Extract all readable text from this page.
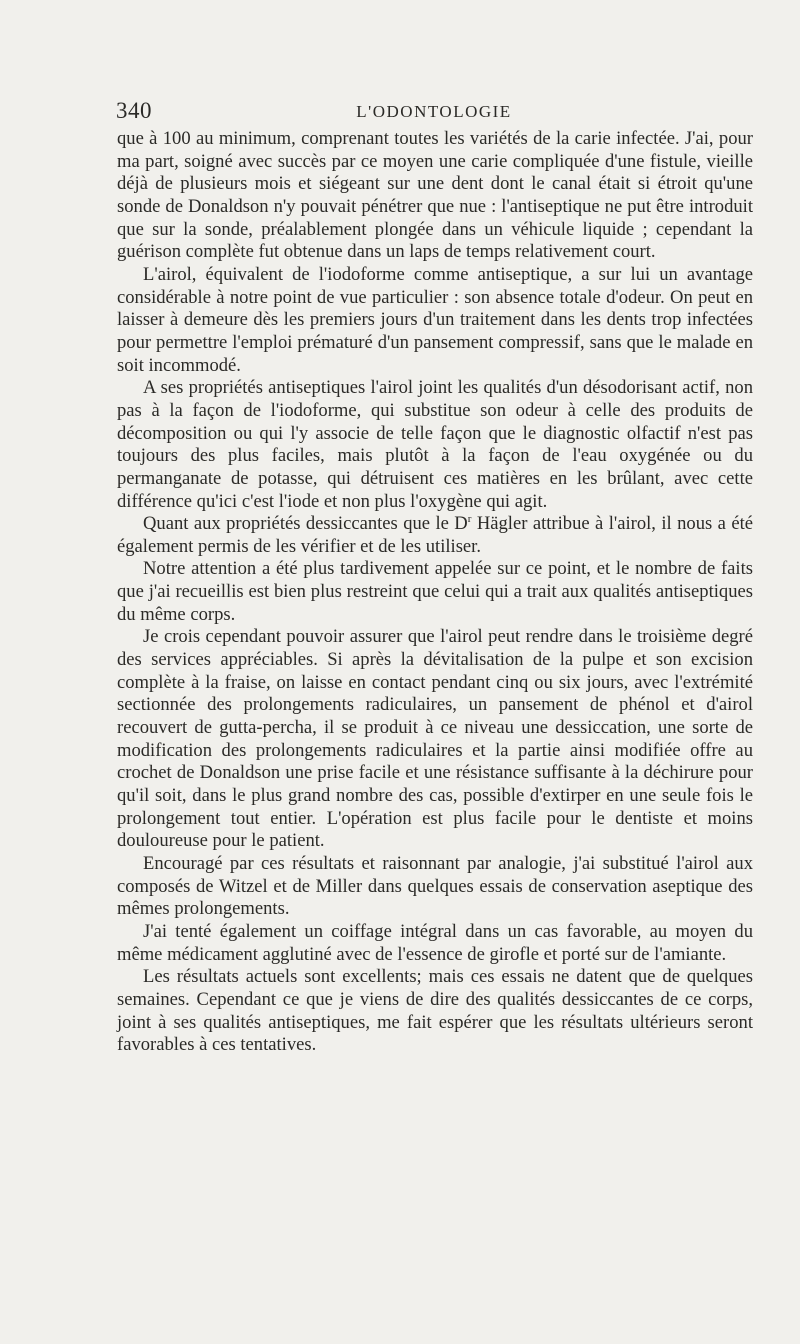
340	L'ODONTOLOGIE

que à 100 au minimum, comprenant toutes les variétés de la carie infectée. J'ai, pour ma part, soigné avec succès par ce moyen une carie compliquée d'une fistule, vieille déjà de plusieurs mois et siégeant sur une dent dont le canal était si étroit qu'une sonde de Donaldson n'y pouvait pénétrer que nue : l'antiseptique ne put être introduit que sur la sonde, préalablement plongée dans un véhicule liquide ; cependant la guérison complète fut obtenue dans un laps de temps relativement court.

L'airol, équivalent de l'iodoforme comme antiseptique, a sur lui un avantage considérable à notre point de vue particulier : son absence totale d'odeur. On peut en laisser à demeure dès les premiers jours d'un traitement dans les dents trop infectées pour permettre l'emploi prématuré d'un pansement compressif, sans que le malade en soit incommodé.

A ses propriétés antiseptiques l'airol joint les qualités d'un désodorisant actif, non pas à la façon de l'iodoforme, qui substitue son odeur à celle des produits de décomposition ou qui l'y associe de telle façon que le diagnostic olfactif n'est pas toujours des plus faciles, mais plutôt à la façon de l'eau oxygénée ou du permanganate de potasse, qui détruisent ces matières en les brûlant, avec cette différence qu'ici c'est l'iode et non plus l'oxygène qui agit.

Quant aux propriétés dessiccantes que le $D^r$ Hägler attribue à l'airol, il nous a été également permis de les vérifier et de les utiliser.

Notre attention a été plus tardivement appelée sur ce point, et le nombre de faits que j'ai recueillis est bien plus restreint que celui qui a trait aux qualités antiseptiques du même corps.

Je crois cependant pouvoir assurer que l'airol peut rendre dans le troisième degré des services appréciables. Si après la dévitalisation de la pulpe et son excision complète à la fraise, on laisse en contact pendant cinq ou six jours, avec l'extrémité sectionnée des prolongements radiculaires, un pansement de phénol et d'airol recouvert de gutta-percha, il se produit à ce niveau une dessiccation, une sorte de modification des prolongements radiculaires et la partie ainsi modifiée offre au crochet de Donaldson une prise facile et une résistance suffisante à la déchirure pour qu'il soit, dans le plus grand nombre des cas, possible d'extirper en une seule fois le prolongement tout entier. L'opération est plus facile pour le dentiste et moins douloureuse pour le patient.

Encouragé par ces résultats et raisonnant par analogie, j'ai substitué l'airol aux composés de Witzel et de Miller dans quelques essais de conservation aseptique des mêmes prolongements.

J'ai tenté également un coiffage intégral dans un cas favorable, au moyen du même médicament agglutiné avec de l'essence de girofle et porté sur de l'amiante.

Les résultats actuels sont excellents; mais ces essais ne datent que de quelques semaines. Cependant ce que je viens de dire des qualités dessiccantes de ce corps, joint à ses qualités antiseptiques, me fait espérer que les résultats ultérieurs seront favorables à ces tentatives.
